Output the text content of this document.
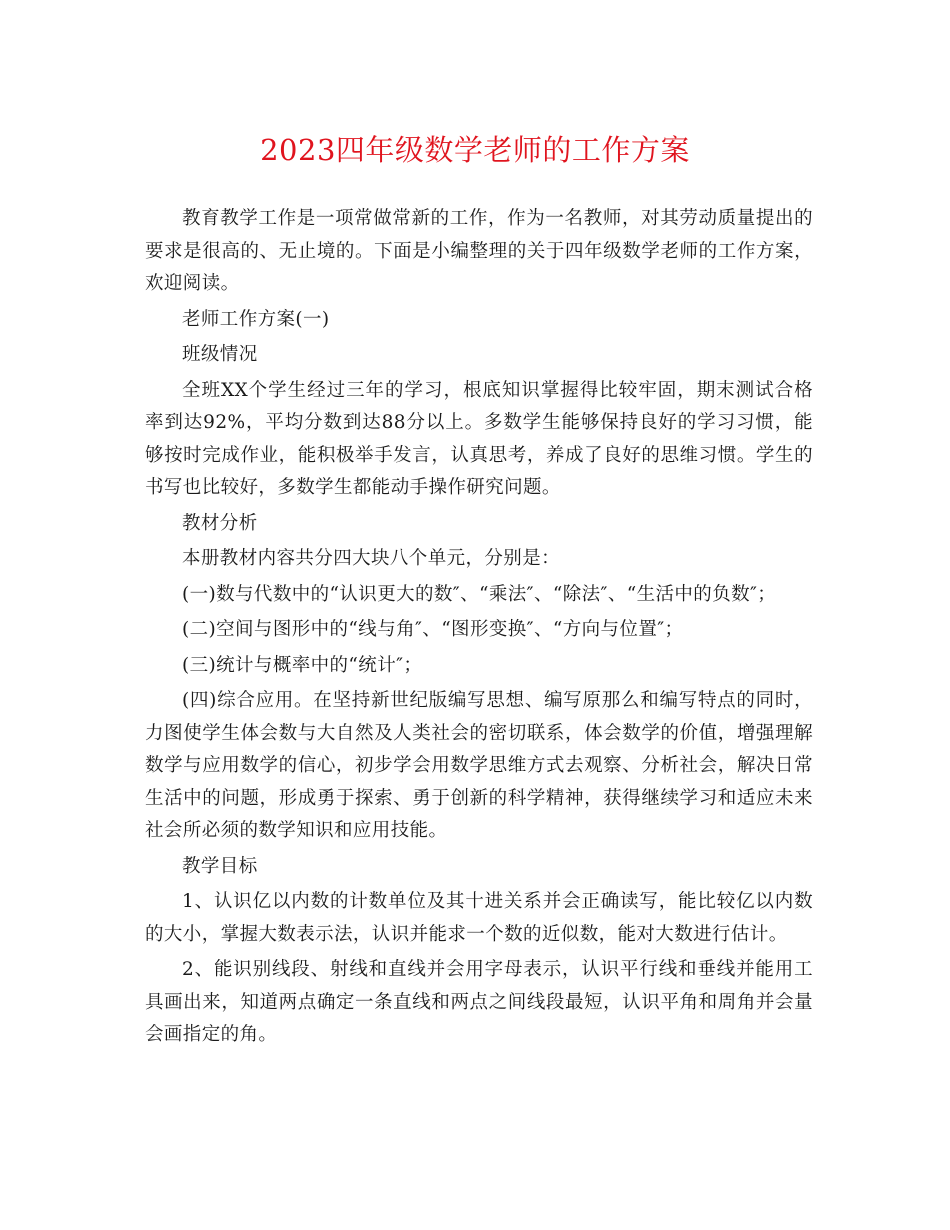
2023四年级数学老师的工作方案

教育教学工作是一项常做常新的工作，作为一名教师，对其劳动质量提出的要求是很高的、无止境的。下面是小编整理的关于四年级数学老师的工作方案，欢迎阅读。

老师工作方案(一)

班级情况

全班XX个学生经过三年的学习，根底知识掌握得比较牢固，期末测试合格率到达92%，平均分数到达88分以上。多数学生能够保持良好的学习习惯，能够按时完成作业，能积极举手发言，认真思考，养成了良好的思维习惯。学生的书写也比较好，多数学生都能动手操作研究问题。

教材分析

本册教材内容共分四大块八个单元，分别是：

(一)数与代数中的“认识更大的数″、“乘法″、“除法″、“生活中的负数″；

(二)空间与图形中的“线与角″、“图形变换″、“方向与位置″；

(三)统计与概率中的“统计″；

(四)综合应用。在坚持新世纪版编写思想、编写原那么和编写特点的同时，力图使学生体会数与大自然及人类社会的密切联系，体会数学的价值，增强理解数学与应用数学的信心，初步学会用数学思维方式去观察、分析社会，解决日常生活中的问题，形成勇于探索、勇于创新的科学精神，获得继续学习和适应未来社会所必须的数学知识和应用技能。

教学目标

1、认识亿以内数的计数单位及其十进关系并会正确读写，能比较亿以内数的大小，掌握大数表示法，认识并能求一个数的近似数，能对大数进行估计。

2、能识别线段、射线和直线并会用字母表示，认识平行线和垂线并能用工具画出来，知道两点确定一条直线和两点之间线段最短，认识平角和周角并会量会画指定的角。
